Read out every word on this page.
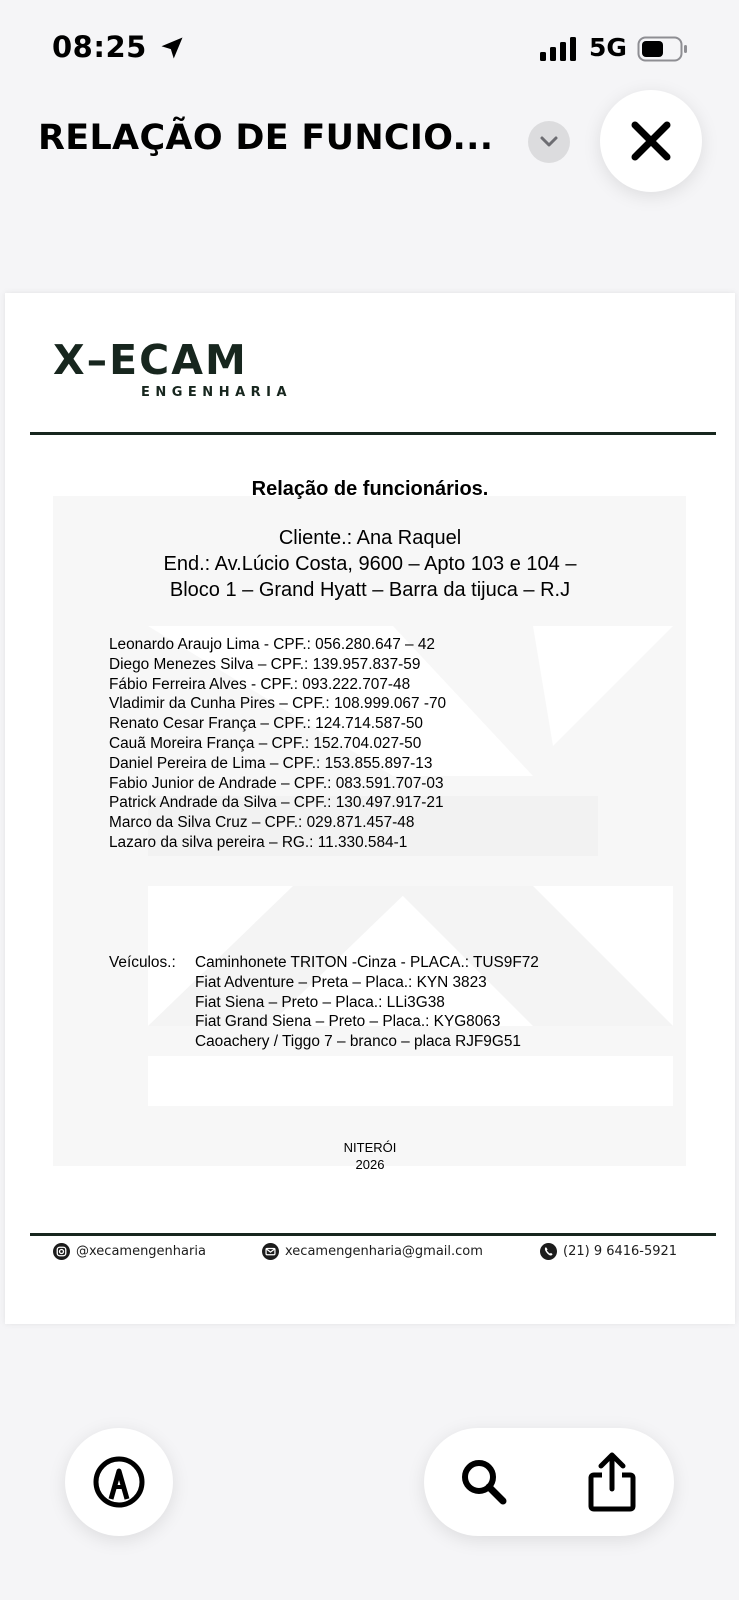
08:25	5G
RELAÇÃO DE FUNCIO...
X–ECAM
ENGENHARIA
Relação de funcionários.
Cliente.: Ana Raquel
End.: Av.Lúcio Costa, 9600 – Apto 103 e 104 –
Bloco 1 – Grand Hyatt – Barra da tijuca – R.J
Leonardo Araujo Lima - CPF.: 056.280.647 – 42
Diego Menezes Silva – CPF.: 139.957.837-59
Fábio Ferreira Alves - CPF.: 093.222.707-48
Vladimir da Cunha Pires – CPF.: 108.999.067 -70
Renato Cesar França – CPF.: 124.714.587-50
Cauã Moreira França – CPF.: 152.704.027-50
Daniel Pereira de Lima – CPF.: 153.855.897-13
Fabio Junior de Andrade – CPF.: 083.591.707-03
Patrick Andrade da Silva – CPF.: 130.497.917-21
Marco da Silva Cruz – CPF.: 029.871.457-48
Lazaro da silva pereira – RG.: 11.330.584-1
Veículos.: Caminhonete TRITON -Cinza - PLACA.: TUS9F72
Fiat Adventure – Preta – Placa.: KYN 3823
Fiat Siena – Preto – Placa.: LLi3G38
Fiat Grand Siena – Preto – Placa.: KYG8063
Caoachery / Tiggo 7 – branco – placa RJF9G51
NITERÓI
2026
@xecamengenharia	xecamengenharia@gmail.com	(21) 9 6416-5921
